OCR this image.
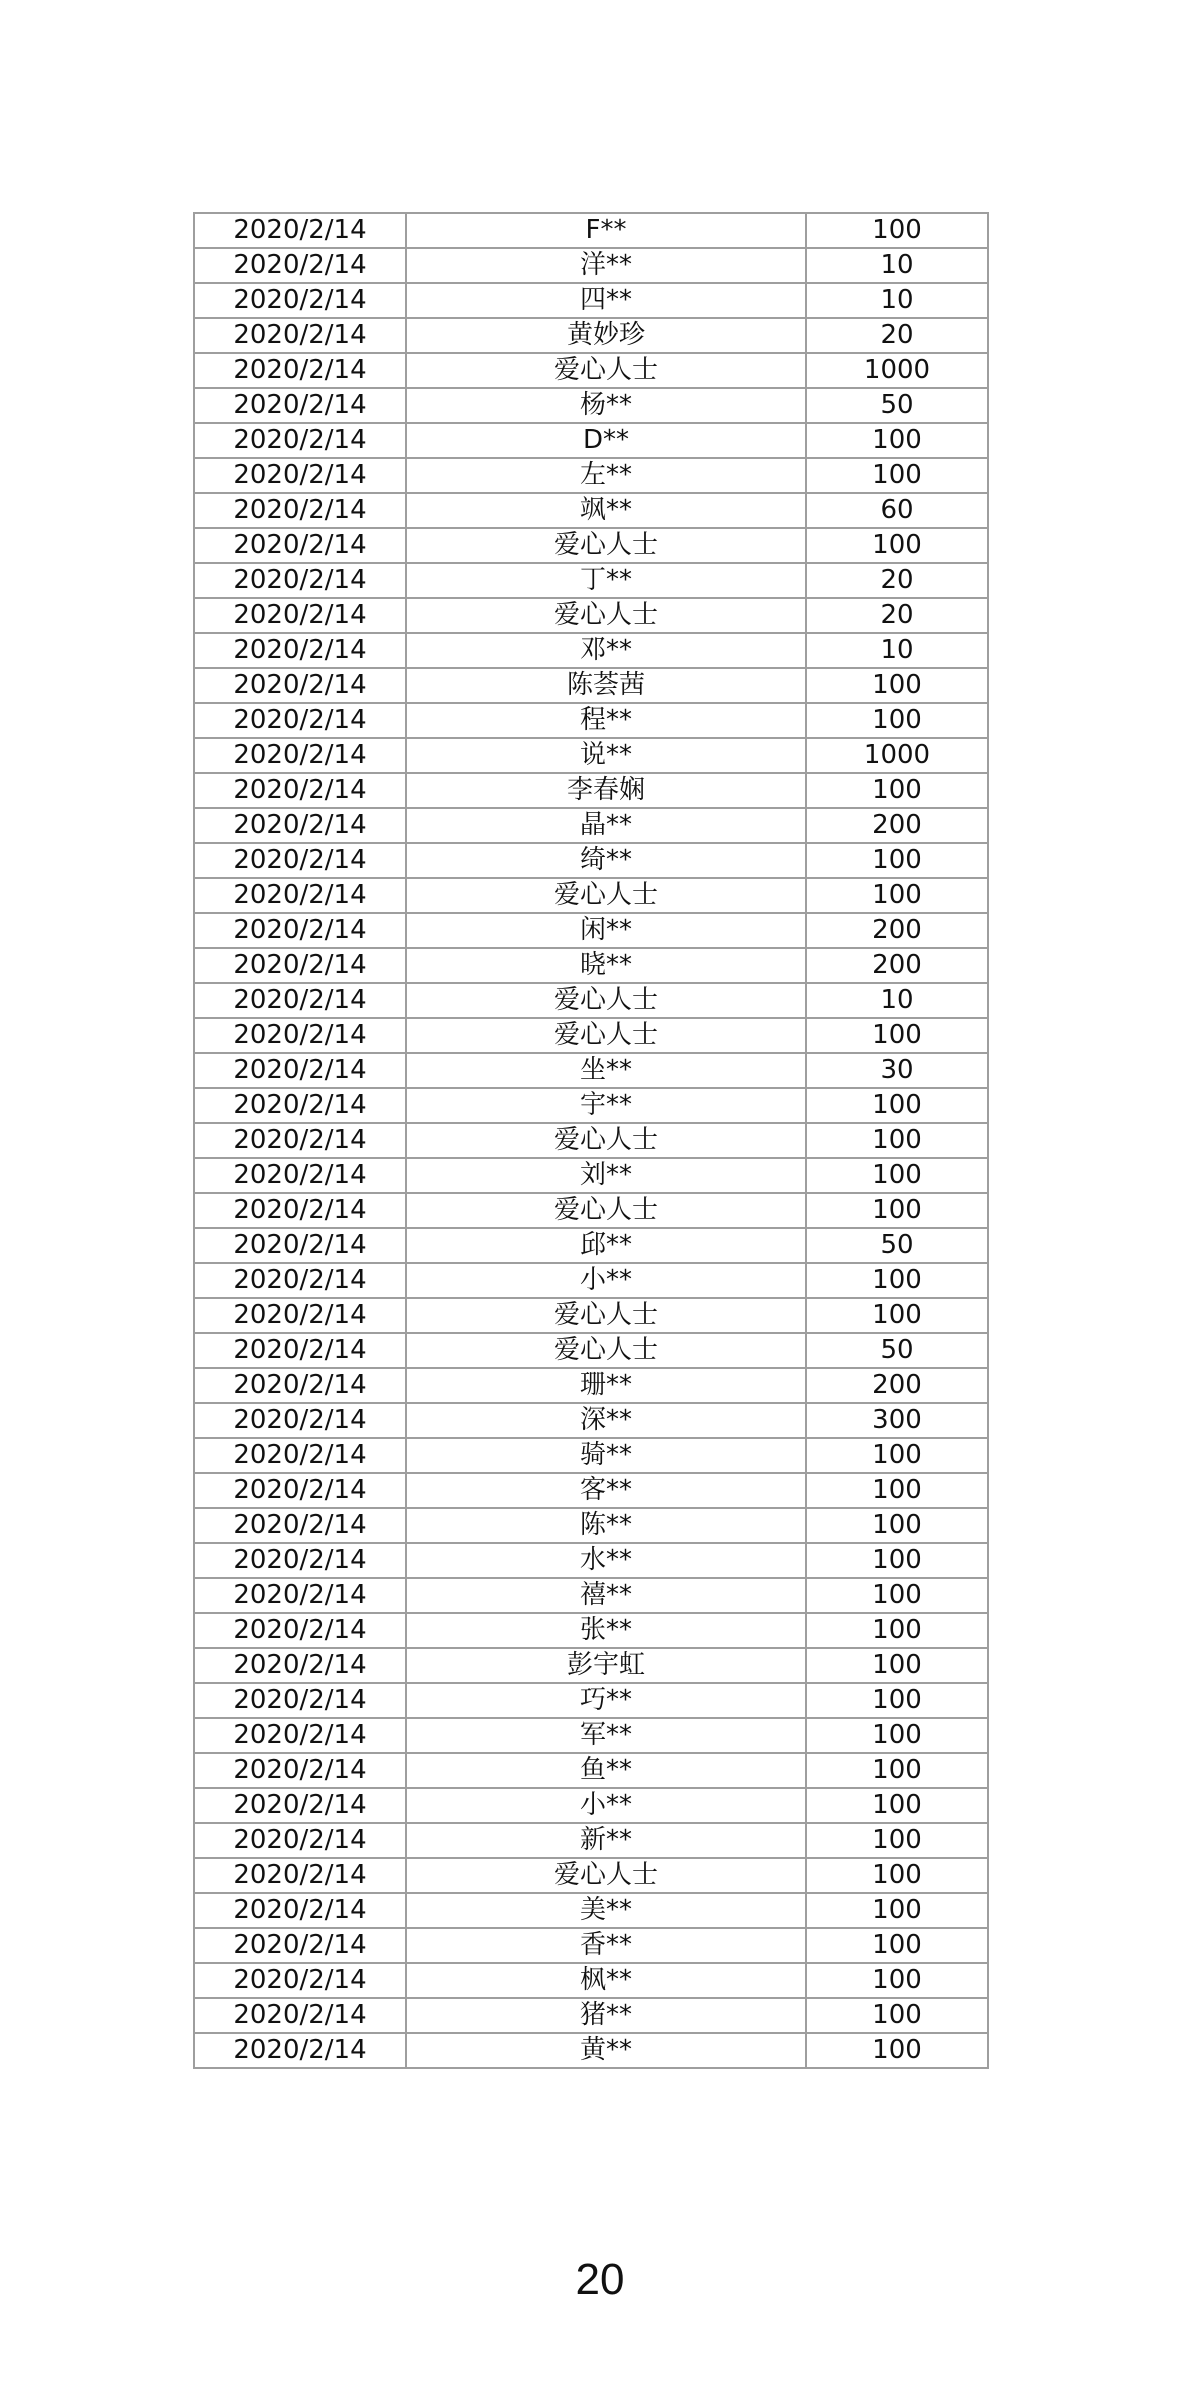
2020/2/14	F**	100
2020/2/14	洋**	10
2020/2/14	四**	10
2020/2/14	黄妙珍	20
2020/2/14	爱心人士	1000
2020/2/14	杨**	50
2020/2/14	D**	100
2020/2/14	左**	100
2020/2/14	飒**	60
2020/2/14	爱心人士	100
2020/2/14	丁**	20
2020/2/14	爱心人士	20
2020/2/14	邓**	10
2020/2/14	陈荟茜	100
2020/2/14	程**	100
2020/2/14	说**	1000
2020/2/14	李春娴	100
2020/2/14	晶**	200
2020/2/14	绮**	100
2020/2/14	爱心人士	100
2020/2/14	闲**	200
2020/2/14	晓**	200
2020/2/14	爱心人士	10
2020/2/14	爱心人士	100
2020/2/14	坐**	30
2020/2/14	宇**	100
2020/2/14	爱心人士	100
2020/2/14	刘**	100
2020/2/14	爱心人士	100
2020/2/14	邱**	50
2020/2/14	小**	100
2020/2/14	爱心人士	100
2020/2/14	爱心人士	50
2020/2/14	珊**	200
2020/2/14	深**	300
2020/2/14	骑**	100
2020/2/14	客**	100
2020/2/14	陈**	100
2020/2/14	水**	100
2020/2/14	禧**	100
2020/2/14	张**	100
2020/2/14	彭宇虹	100
2020/2/14	巧**	100
2020/2/14	军**	100
2020/2/14	鱼**	100
2020/2/14	小**	100
2020/2/14	新**	100
2020/2/14	爱心人士	100
2020/2/14	美**	100
2020/2/14	香**	100
2020/2/14	枫**	100
2020/2/14	猪**	100
2020/2/14	黄**	100
20
